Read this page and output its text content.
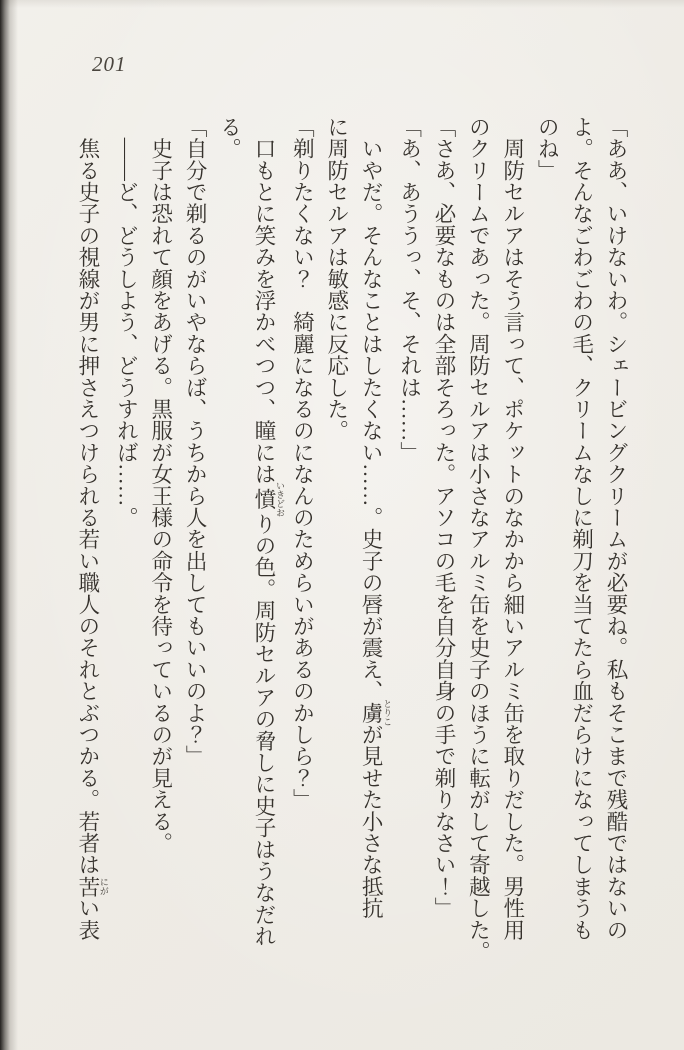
201
「ああ、いけないわ。シェービングクリームが必要ね。私もそこまで残酷ではないの
よ。そんなごわごわの毛、クリームなしに剃刀を当てたら血だらけになってしまうも
のね」
　周防セルアはそう言って、ポケットのなかから細いアルミ缶を取りだした。男性用
のクリームであった。周防セルアは小さなアルミ缶を史子のほうに転がして寄越した。
「さあ、必要なものは全部そろった。アソコの毛を自分自身の手で剃りなさい！」
「あ、あううっ、そ、それは……」
　いやだ。そんなことはしたくない……。史子の唇が震え、虜 とりこが見せた小さな抵抗
に周防セルアは敏感に反応した。
「剃りたくない？　綺麗になるのになんのためらいがあるのかしら？」
　口もとに笑みを浮かべつつ、瞳には憤 いきどおりの色。周防セルアの脅しに史子はうなだれ
る。
「自分で剃るのがいやならば、うちから人を出してもいいのよ？」
　史子は恐れて顔をあげる。黒服が女王様の命令を待っているのが見える。
　――ど、どうしよう、どうすれば……。
　焦る史子の視線が男に押さえつけられる若い職人のそれとぶつかる。若者は苦 にがい表
